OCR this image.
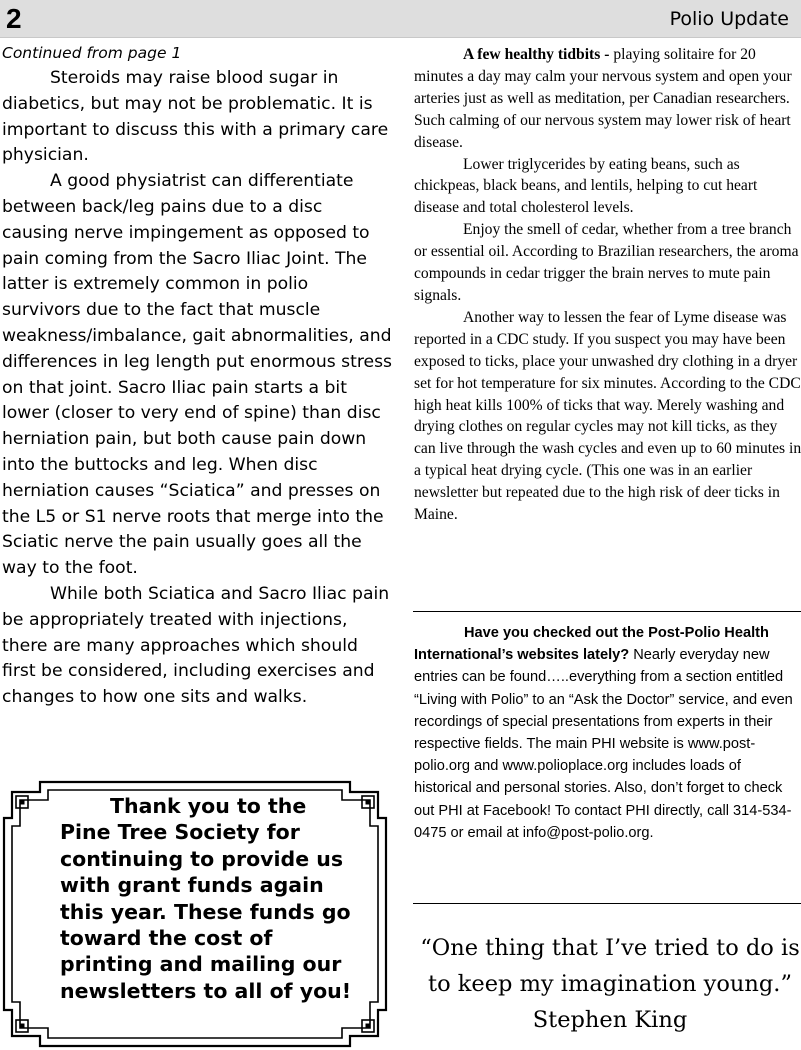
2	Polio Update

Continued from page 1

Steroids may raise blood sugar in diabetics, but may not be problematic. It is important to discuss this with a primary care physician.

A good physiatrist can differentiate between back/leg pains due to a disc causing nerve impingement as opposed to pain coming from the Sacro Iliac Joint. The latter is extremely common in polio survivors due to the fact that muscle weakness/imbalance, gait abnormalities, and differences in leg length put enormous stress on that joint. Sacro Iliac pain starts a bit lower (closer to very end of spine) than disc herniation pain, but both cause pain down into the buttocks and leg. When disc herniation causes “Sciatica” and presses on the L5 or S1 nerve roots that merge into the Sciatic nerve the pain usually goes all the way to the foot.

While both Sciatica and Sacro Iliac pain be appropriately treated with injections, there are many approaches which should first be considered, including exercises and changes to how one sits and walks.

Thank you to the Pine Tree Society for continuing to provide us with grant funds again this year. These funds go toward the cost of printing and mailing our newsletters to all of you!

A few healthy tidbits - playing solitaire for 20 minutes a day may calm your nervous system and open your arteries just as well as meditation, per Canadian researchers. Such calming of our nervous system may lower risk of heart disease.

Lower triglycerides by eating beans, such as chickpeas, black beans, and lentils, helping to cut heart disease and total cholesterol levels.

Enjoy the smell of cedar, whether from a tree branch or essential oil. According to Brazilian researchers, the aroma compounds in cedar trigger the brain nerves to mute pain signals.

Another way to lessen the fear of Lyme disease was reported in a CDC study. If you suspect you may have been exposed to ticks, place your unwashed dry clothing in a dryer set for hot temperature for six minutes. According to the CDC high heat kills 100% of ticks that way. Merely washing and drying clothes on regular cycles may not kill ticks, as they can live through the wash cycles and even up to 60 minutes in a typical heat drying cycle. (This one was in an earlier newsletter but repeated due to the high risk of deer ticks in Maine.

Have you checked out the Post-Polio Health International’s websites lately? Nearly everyday new entries can be found…..everything from a section entitled “Living with Polio” to an “Ask the Doctor” service, and even recordings of special presentations from experts in their respective fields. The main PHI website is www.post-polio.org and www.polioplace.org includes loads of historical and personal stories. Also, don’t forget to check out PHI at Facebook! To contact PHI directly, call 314-534-0475 or email at info@post-polio.org.

“One thing that I’ve tried to do is to keep my imagination young.” Stephen King
